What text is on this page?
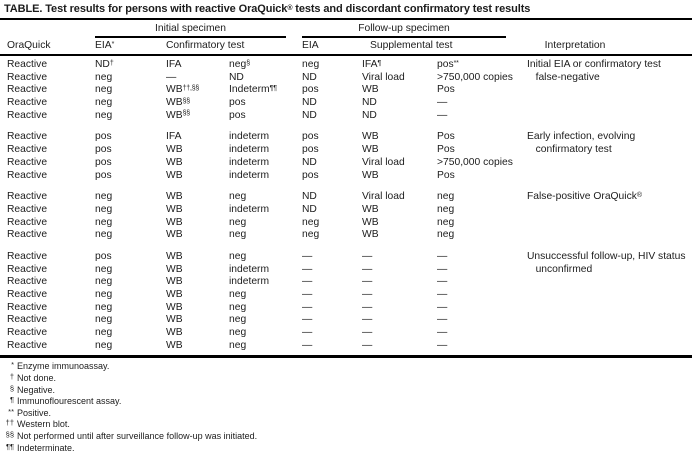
TABLE. Test results for persons with reactive OraQuick® tests and discordant confirmatory test results
Initial specimen	Follow-up specimen
OraQuick	EIA*	Confirmatory test	EIA	Supplemental test	Interpretation
Reactive	ND†	IFA	neg§	neg	IFA¶	pos**	Initial EIA or confirmatory test
Reactive	neg	—	ND	ND	Viral load	>750,000 copies	false-negative
Reactive	neg	WB††,§§	Indeterm¶¶	pos	WB	Pos
Reactive	neg	WB§§	pos	ND	ND	—
Reactive	neg	WB§§	pos	ND	ND	—
Reactive	pos	IFA	indeterm	pos	WB	Pos	Early infection, evolving
Reactive	pos	WB	indeterm	pos	WB	Pos	confirmatory test
Reactive	pos	WB	indeterm	ND	Viral load	>750,000 copies
Reactive	pos	WB	indeterm	pos	WB	Pos
Reactive	neg	WB	neg	ND	Viral load	neg	False-positive OraQuick®
Reactive	neg	WB	indeterm	ND	WB	neg
Reactive	neg	WB	neg	neg	WB	neg
Reactive	neg	WB	neg	neg	WB	neg
Reactive	pos	WB	neg	—	—	—	Unsuccessful follow-up, HIV status
Reactive	neg	WB	indeterm	—	—	—	unconfirmed
Reactive	neg	WB	indeterm	—	—	—
Reactive	neg	WB	neg	—	—	—
Reactive	neg	WB	neg	—	—	—
Reactive	neg	WB	neg	—	—	—
Reactive	neg	WB	neg	—	—	—
Reactive	neg	WB	neg	—	—	—
* Enzyme immunoassay.
† Not done.
§ Negative.
¶ Immunoflourescent assay.
** Positive.
†† Western blot.
§§ Not performed until after surveillance follow-up was initiated.
¶¶ Indeterminate.
